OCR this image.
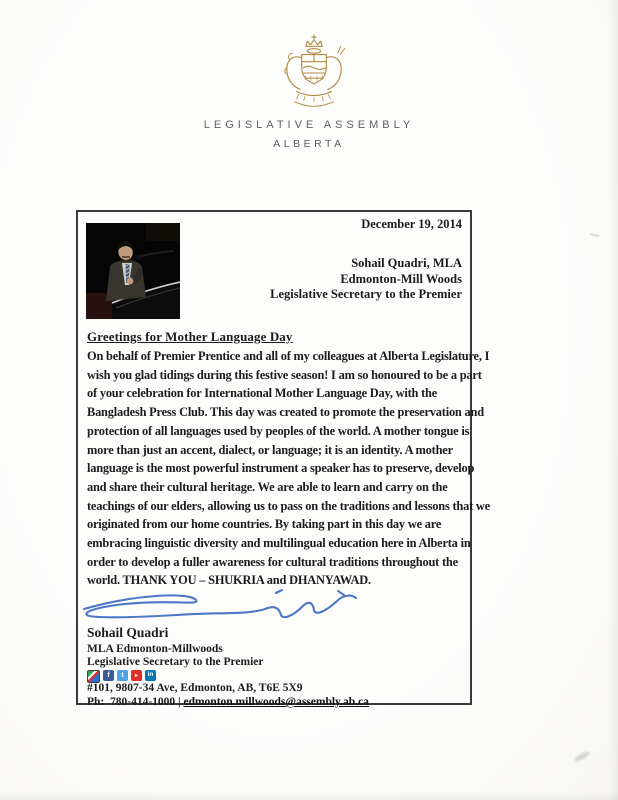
LEGISLATIVE ASSEMBLY
ALBERTA
December 19, 2014
Sohail Quadri, MLA
Edmonton-Mill Woods
Legislative Secretary to the Premier
Greetings for Mother Language Day
On behalf of Premier Prentice and all of my colleagues at Alberta Legislature, I
wish you glad tidings during this festive season! I am so honoured to be a part
of your celebration for International Mother Language Day, with the
Bangladesh Press Club. This day was created to promote the preservation and
protection of all languages used by peoples of the world. A mother tongue is
more than just an accent, dialect, or language; it is an identity. A mother
language is the most powerful instrument a speaker has to preserve, develop
and share their cultural heritage. We are able to learn and carry on the
teachings of our elders, allowing us to pass on the traditions and lessons that we
originated from our home countries. By taking part in this day we are
embracing linguistic diversity and multilingual education here in Alberta in
order to develop a fuller awareness for cultural traditions throughout the
world. THANK YOU – SHUKRIA and DHANYAWAD.
Sohail Quadri
MLA Edmonton-Millwoods
Legislative Secretary to the Premier
f	t	▸	in
#101, 9807-34 Ave, Edmonton, AB, T6E 5X9
Ph: 780-414-1000 | edmonton.millwoods@assembly.ab.ca
